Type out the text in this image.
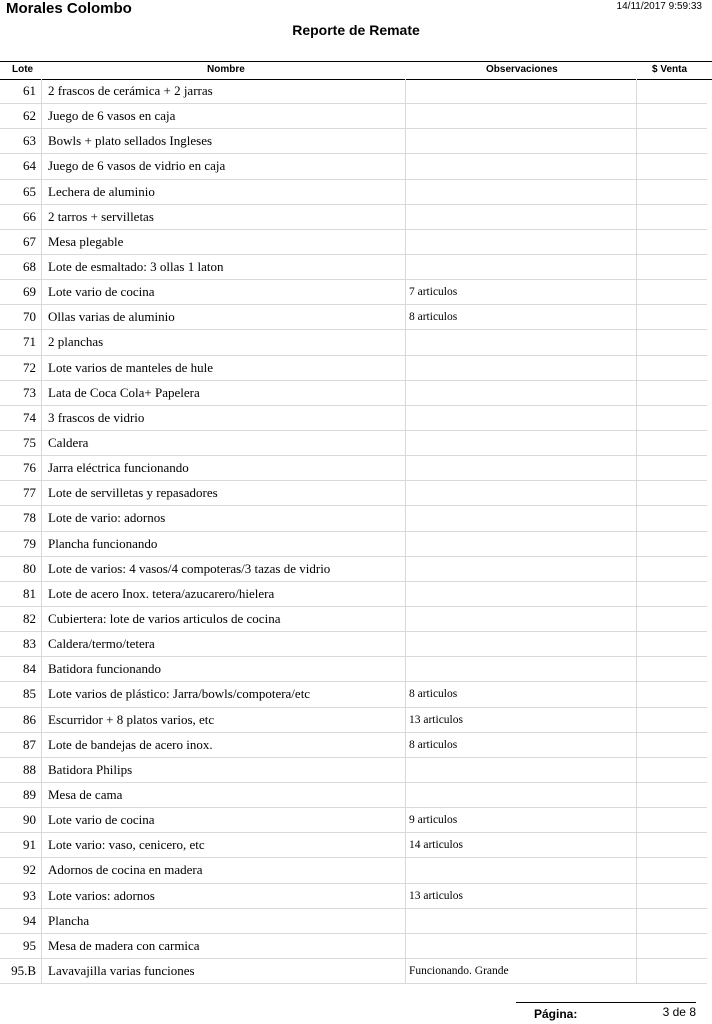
Morales Colombo	14/11/2017 9:59:33
Reporte de Remate
Lote	Nombre	Observaciones	$ Venta
61 2 frascos de cerámica + 2 jarras
62 Juego de 6 vasos en caja
63 Bowls + plato sellados Ingleses
64 Juego de 6 vasos de vidrio en caja
65 Lechera de aluminio
66 2 tarros + servilletas
67 Mesa plegable
68 Lote de esmaltado: 3 ollas 1 laton
69 Lote vario de cocina	7 articulos
70 Ollas varias de aluminio	8 articulos
71 2 planchas
72 Lote varios de manteles de hule
73 Lata de Coca Cola+ Papelera
74 3 frascos de vidrio
75 Caldera
76 Jarra eléctrica funcionando
77 Lote de servilletas y repasadores
78 Lote de vario: adornos
79 Plancha funcionando
80 Lote de varios: 4 vasos/4 compoteras/3 tazas de vidrio
81 Lote de acero Inox. tetera/azucarero/hielera
82 Cubiertera: lote de varios articulos de cocina
83 Caldera/termo/tetera
84 Batidora funcionando
85 Lote varios de plástico: Jarra/bowls/compotera/etc	8 articulos
86 Escurridor + 8 platos varios, etc	13 articulos
87 Lote de bandejas de acero inox.	8 articulos
88 Batidora Philips
89 Mesa de cama
90 Lote vario de cocina	9 articulos
91 Lote vario: vaso, cenicero, etc	14 articulos
92 Adornos de cocina en madera
93 Lote varios: adornos	13 articulos
94 Plancha
95 Mesa de madera con carmica
95.B Lavavajilla varias funciones	Funcionando. Grande
Página:	3 de 8
